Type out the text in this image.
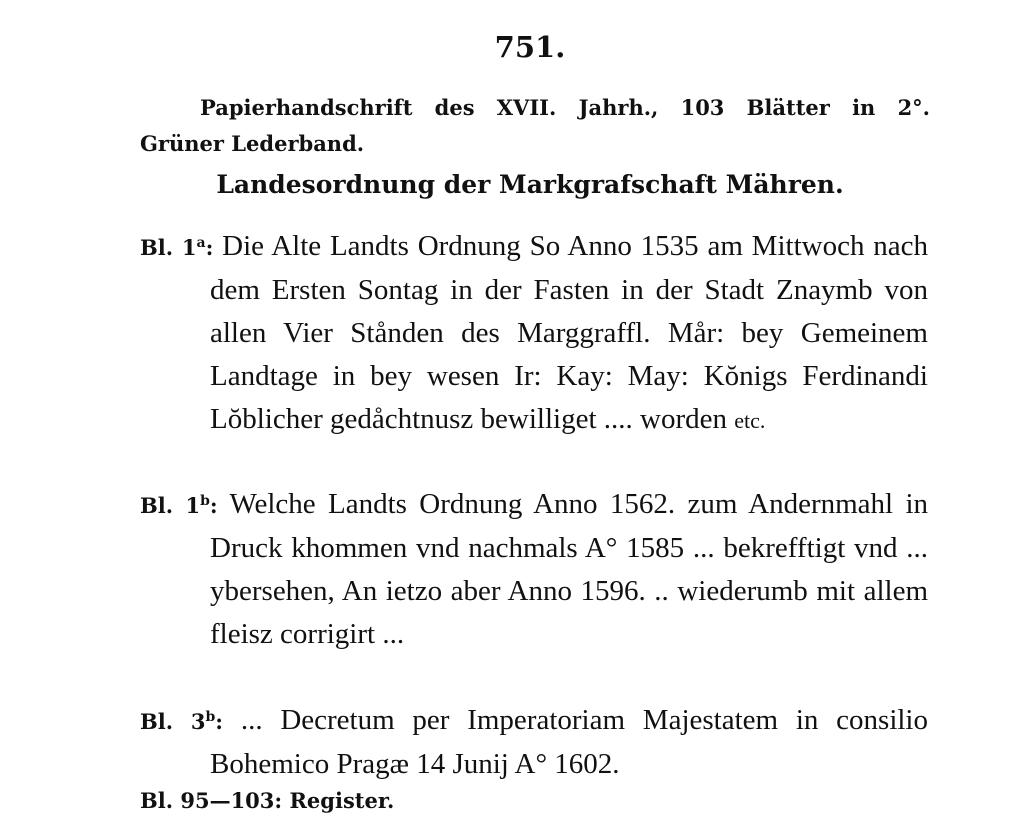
751.
Papierhandschrift des XVII. Jahrh., 103 Blätter in 2°.
Grüner Lederband.
Landesordnung der Markgrafschaft Mähren.
Bl. 1$^a$: Die Alte Landts Ordnung So Anno 1535 am Mittwoch nach dem Ersten Sontag in der Fasten in der Stadt Znaymb von allen Vier Stånden des Marggraffl. Mår: bey Gemeinem Landtage in bey wesen Ir: Kay: May: Kŏnigs Ferdinandi Lŏblicher gedåchtnusz bewilliget .... worden etc.
Bl. 1$^b$: Welche Landts Ordnung Anno 1562. zum Andernmahl in Druck khommen vnd nachmals A° 1585 ... bekrefftigt vnd ... ybersehen, An ietzo aber Anno 1596. .. wiederumb mit allem fleisz corrigirt ...
Bl. 3$^b$: ... Decretum per Imperatoriam Majestatem in consilio Bohemico Pragæ 14 Junij A° 1602.
Bl. 95—103: Register.
